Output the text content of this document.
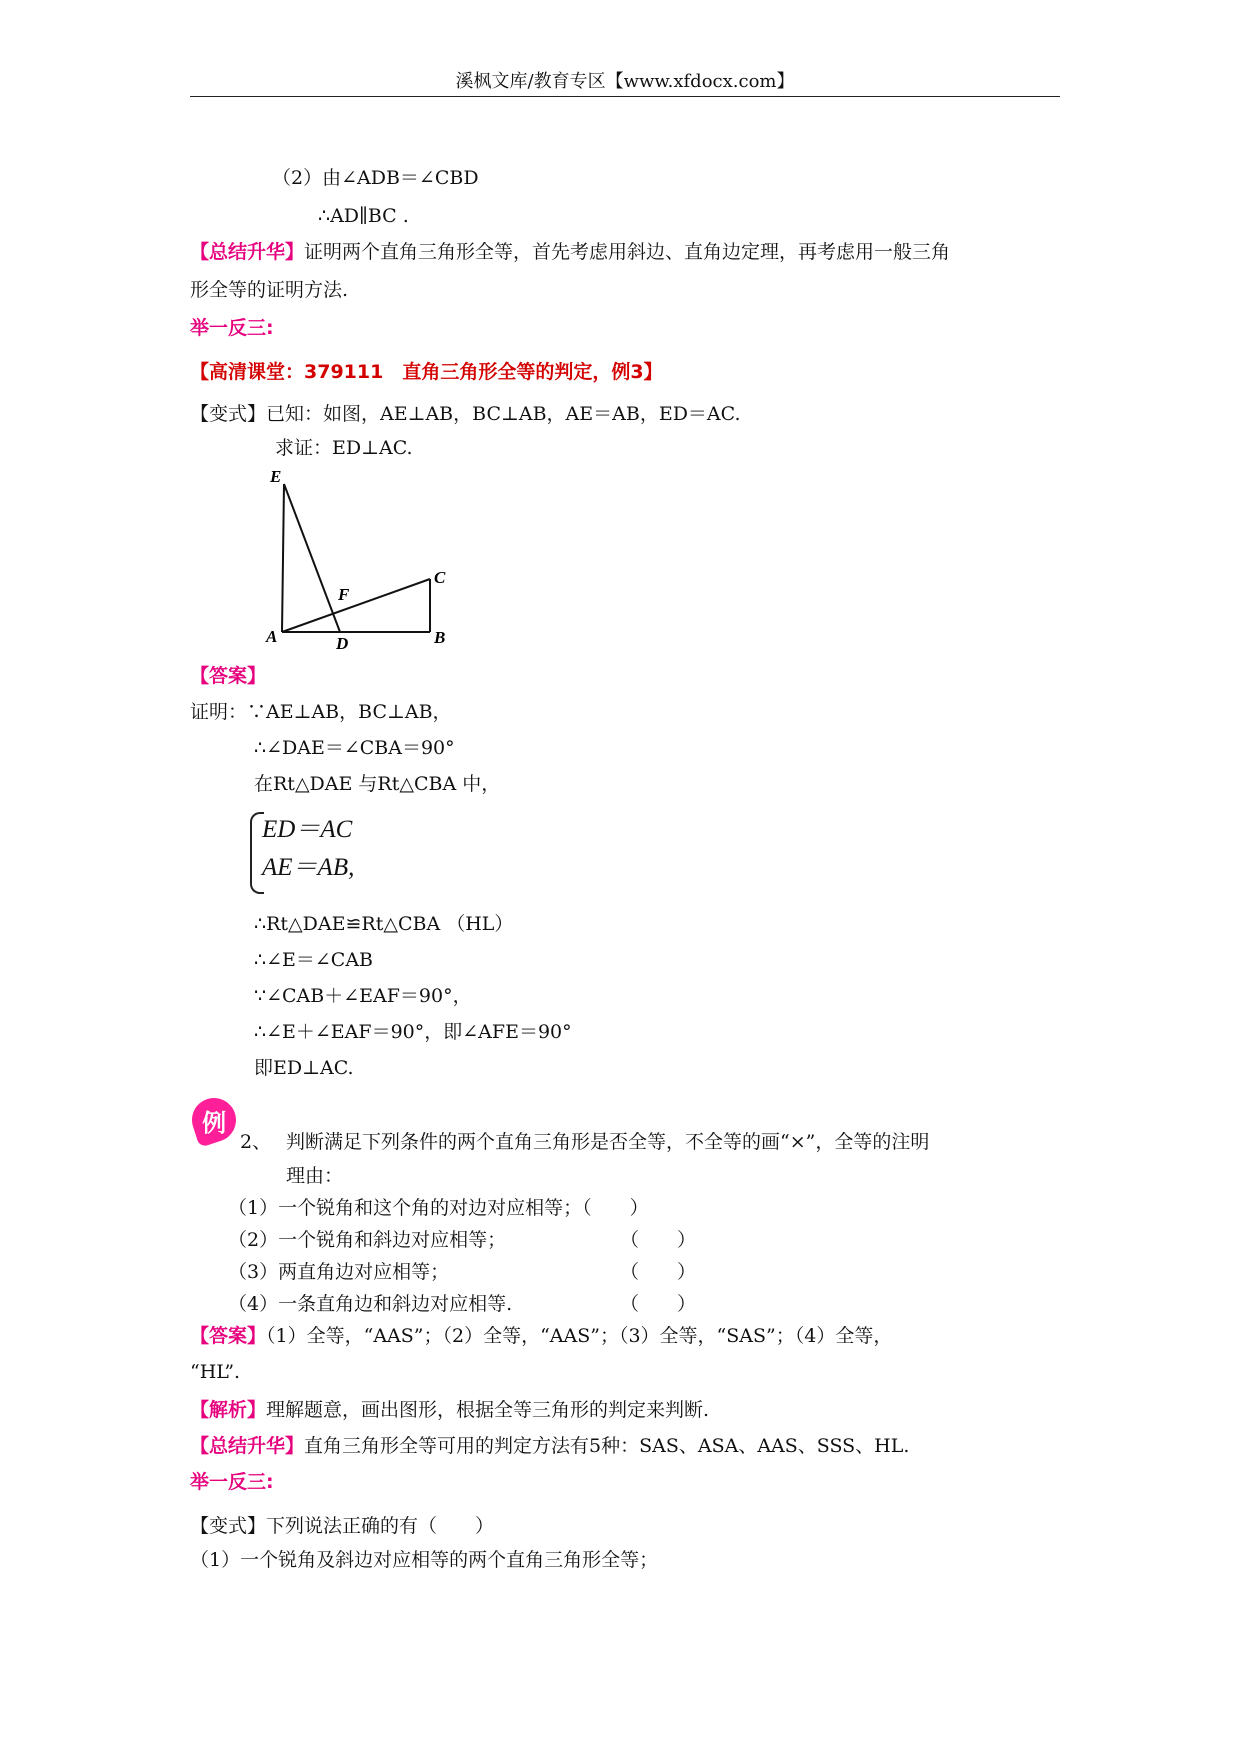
溪枫文库/教育专区【www.xfdocx.com】
（2）由∠ADB＝∠CBD
∴AD∥BC .
【总结升华】证明两个直角三角形全等，首先考虑用斜边、直角边定理，再考虑用一般三角
形全等的证明方法.
举一反三:
【高清课堂：379111　直角三角形全等的判定，例3】
【变式】已知：如图，AE⊥AB，BC⊥AB，AE＝AB，ED＝AC.
求证：ED⊥AC.
E
A	D	B
C
F
【答案】
证明：∵AE⊥AB，BC⊥AB，
∴∠DAE＝∠CBA＝90°
在Rt△DAE 与Rt△CBA 中，
ED＝AC
AE＝AB,
∴Rt△DAE≌Rt△CBA （HL）
∴∠E＝∠CAB
∵∠CAB＋∠EAF＝90°，
∴∠E＋∠EAF＝90°，即∠AFE＝90°
即ED⊥AC.
例
2、 判断满足下列条件的两个直角三角形是否全等，不全等的画“×”，全等的注明
理由：
（1）一个锐角和这个角的对边对应相等；（　　）
（2）一个锐角和斜边对应相等；	（　　）
（3）两直角边对应相等；	（　　）
（4）一条直角边和斜边对应相等.	（　　）
【答案】（1）全等，“AAS”；（2）全等，“AAS”；（3）全等，“SAS”；（4）全等，
“HL”.
【解析】理解题意，画出图形，根据全等三角形的判定来判断.
【总结升华】直角三角形全等可用的判定方法有5种：SAS、ASA、AAS、SSS、HL.
举一反三:
【变式】下列说法正确的有（　　）
（1）一个锐角及斜边对应相等的两个直角三角形全等；
